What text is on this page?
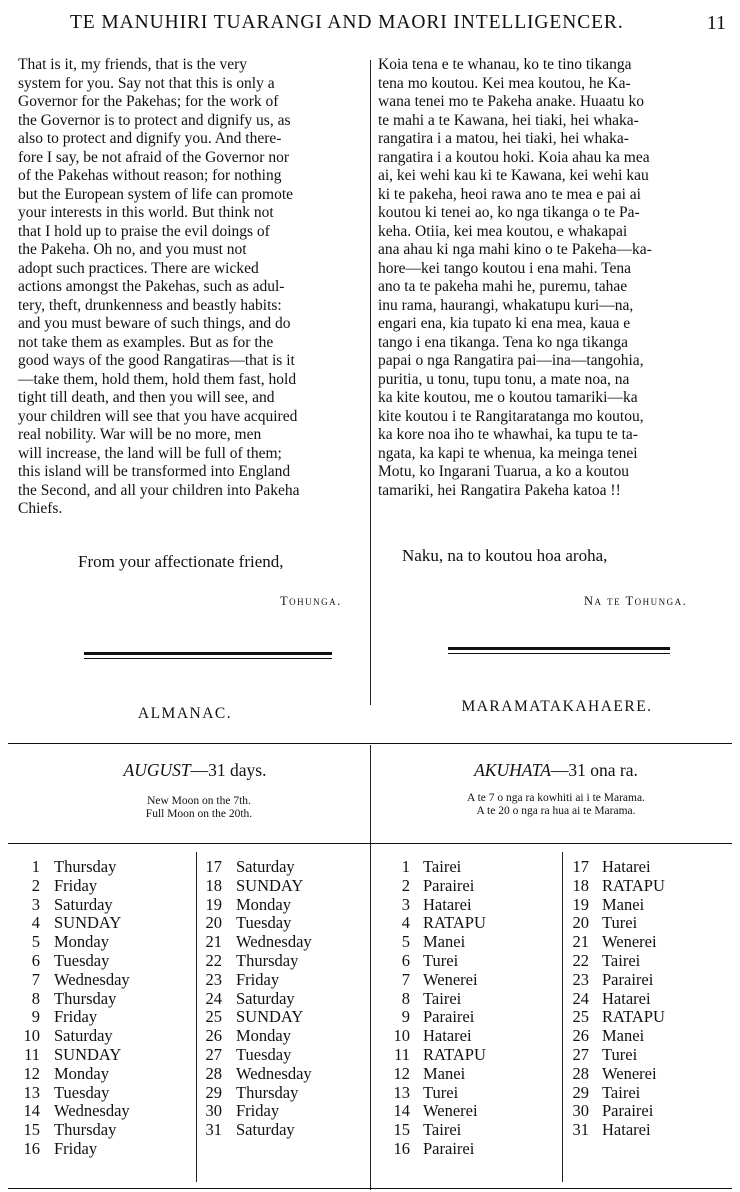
TE MANUHIRI TUARANGI AND MAORI INTELLIGENCER.	11
That is it, my friends, that is the very
system for you. Say not that this is only a
Governor for the Pakehas; for the work of
the Governor is to protect and dignify us, as
also to protect and dignify you. And there-
fore I say, be not afraid of the Governor nor
of the Pakehas without reason; for nothing
but the European system of life can promote
your interests in this world. But think not
that I hold up to praise the evil doings of
the Pakeha. Oh no, and you must not
adopt such practices. There are wicked
actions amongst the Pakehas, such as adul-
tery, theft, drunkenness and beastly habits:
and you must beware of such things, and do
not take them as examples. But as for the
good ways of the good Rangatiras—that is it
—take them, hold them, hold them fast, hold
tight till death, and then you will see, and
your children will see that you have acquired
real nobility. War will be no more, men
will increase, the land will be full of them;
this island will be transformed into England
the Second, and all your children into Pakeha
Chiefs.
Koia tena e te whanau, ko te tino tikanga
tena mo koutou. Kei mea koutou, he Ka-
wana tenei mo te Pakeha anake. Huaatu ko
te mahi a te Kawana, hei tiaki, hei whaka-
rangatira i a matou, hei tiaki, hei whaka-
rangatira i a koutou hoki. Koia ahau ka mea
ai, kei wehi kau ki te Kawana, kei wehi kau
ki te pakeha, heoi rawa ano te mea e pai ai
koutou ki tenei ao, ko nga tikanga o te Pa-
keha. Otiia, kei mea koutou, e whakapai
ana ahau ki nga mahi kino o te Pakeha—ka-
hore—kei tango koutou i ena mahi. Tena
ano ta te pakeha mahi he, puremu, tahae
inu rama, haurangi, whakatupu kuri—na,
engari ena, kia tupato ki ena mea, kaua e
tango i ena tikanga. Tena ko nga tikanga
papai o nga Rangatira pai—ina—tangohia,
puritia, u tonu, tupu tonu, a mate noa, na
ka kite koutou, me o koutou tamariki—ka
kite koutou i te Rangitaratanga mo koutou,
ka kore noa iho te whawhai, ka tupu te ta-
ngata, ka kapi te whenua, ka meinga tenei
Motu, ko Ingarani Tuarua, a ko a koutou
tamariki, hei Rangatira Pakeha katoa !!
From your affectionate friend,
Tohunga.
Naku, na to koutou hoa aroha,
Na te Tohunga.
ALMANAC.	MARAMATAKAHAERE.
AUGUST—31 days.	AKUHATA—31 ona ra.
New Moon on the 7th.
Full Moon on the 20th.
A te 7 o nga ra kowhiti ai i te Marama.
A te 20 o nga ra hua ai te Marama.
1 Thursday
2 Friday
3 Saturday
4 SUNDAY
5 Monday
6 Tuesday
7 Wednesday
8 Thursday
9 Friday
10 Saturday
11 SUNDAY
12 Monday
13 Tuesday
14 Wednesday
15 Thursday
16 Friday
17 Saturday
18 SUNDAY
19 Monday
20 Tuesday
21 Wednesday
22 Thursday
23 Friday
24 Saturday
25 SUNDAY
26 Monday
27 Tuesday
28 Wednesday
29 Thursday
30 Friday
31 Saturday
1 Tairei
2 Parairei
3 Hatarei
4 RATAPU
5 Manei
6 Turei
7 Wenerei
8 Tairei
9 Parairei
10 Hatarei
11 RATAPU
12 Manei
13 Turei
14 Wenerei
15 Tairei
16 Parairei
17 Hatarei
18 RATAPU
19 Manei
20 Turei
21 Wenerei
22 Tairei
23 Parairei
24 Hatarei
25 RATAPU
26 Manei
27 Turei
28 Wenerei
29 Tairei
30 Parairei
31 Hatarei
